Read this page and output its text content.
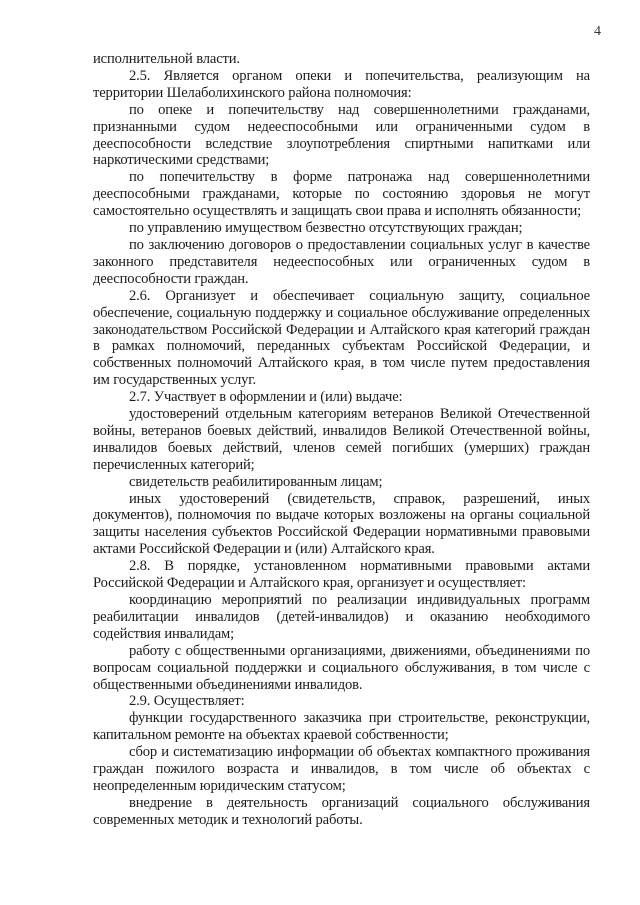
4

исполнительной власти.

2.5. Является органом опеки и попечительства, реализующим на территории Шелаболихинского района полномочия:

по опеке и попечительству над совершеннолетними гражданами, признанными судом недееспособными или ограниченными судом в дееспособности вследствие злоупотребления спиртными напитками или наркотическими средствами;

по попечительству в форме патронажа над совершеннолетними дееспособными гражданами, которые по состоянию здоровья не могут самостоятельно осуществлять и защищать свои права и исполнять обязанности;

по управлению имуществом безвестно отсутствующих граждан;

по заключению договоров о предоставлении социальных услуг в качестве законного представителя недееспособных или ограниченных судом в дееспособности граждан.

2.6. Организует и обеспечивает социальную защиту, социальное обеспечение, социальную поддержку и социальное обслуживание определенных законодательством Российской Федерации и Алтайского края категорий граждан в рамках полномочий, переданных субъектам Российской Федерации, и собственных полномочий Алтайского края, в том числе путем предоставления им государственных услуг.

2.7. Участвует в оформлении и (или) выдаче:

удостоверений отдельным категориям ветеранов Великой Отечественной войны, ветеранов боевых действий, инвалидов Великой Отечественной войны, инвалидов боевых действий, членов семей погибших (умерших) граждан перечисленных категорий;

свидетельств реабилитированным лицам;

иных удостоверений (свидетельств, справок, разрешений, иных документов), полномочия по выдаче которых возложены на органы социальной защиты населения субъектов Российской Федерации нормативными правовыми актами Российской Федерации и (или) Алтайского края.

2.8. В порядке, установленном нормативными правовыми актами Российской Федерации и Алтайского края, организует и осуществляет:

координацию мероприятий по реализации индивидуальных программ реабилитации инвалидов (детей-инвалидов) и оказанию необходимого содействия инвалидам;

работу с общественными организациями, движениями, объединениями по вопросам социальной поддержки и социального обслуживания, в том числе с общественными объединениями инвалидов.

2.9. Осуществляет:

функции государственного заказчика при строительстве, реконструкции, капитальном ремонте на объектах краевой собственности;

сбор и систематизацию информации об объектах компактного проживания граждан пожилого возраста и инвалидов, в том числе об объектах с неопределенным юридическим статусом;

внедрение в деятельность организаций социального обслуживания современных методик и технологий работы.
